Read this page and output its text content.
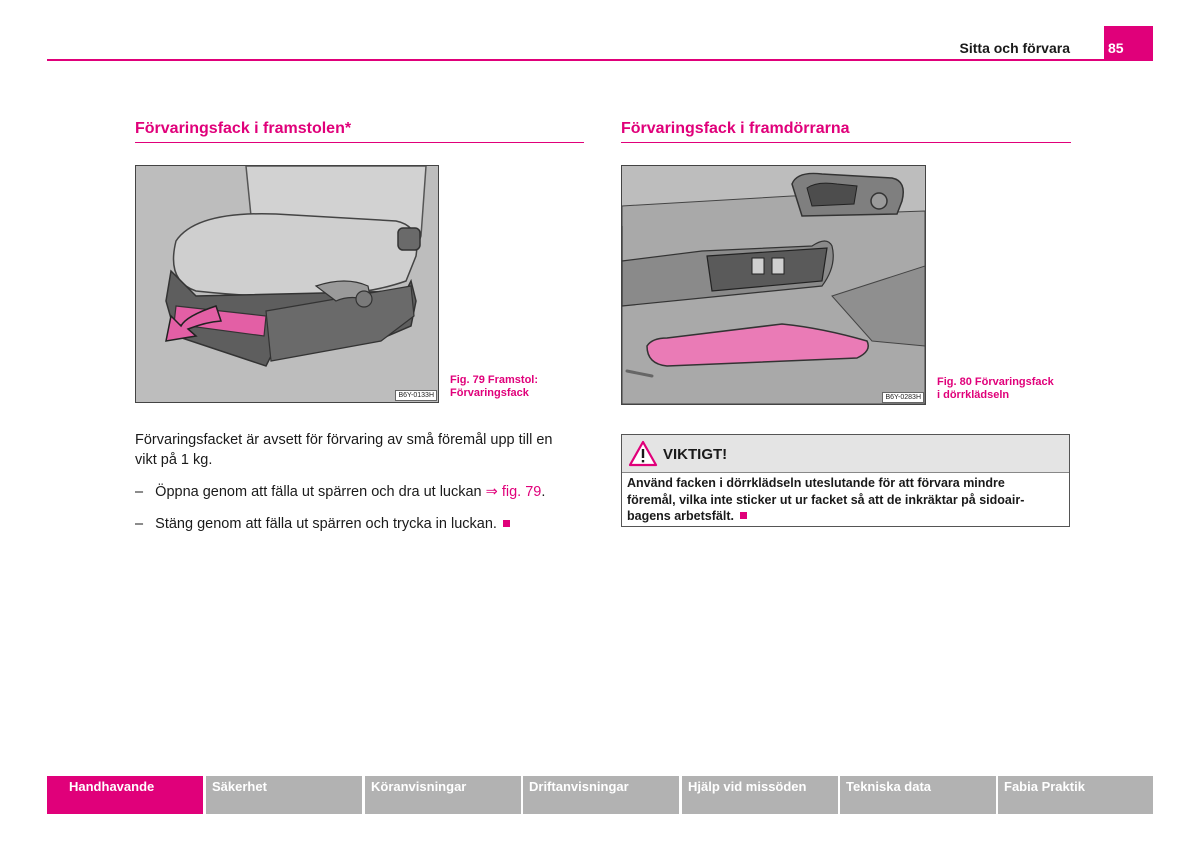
Sitta och förvara	85
Förvaringsfack i framstolen*
B6Y-0133H
Fig. 79 Framstol:
Förvaringsfack
Förvaringsfacket är avsett för förvaring av små föremål upp till en
vikt på 1 kg.
– Öppna genom att fälla ut spärren och dra ut luckan ⇒ fig. 79.
– Stäng genom att fälla ut spärren och trycka in luckan.
Förvaringsfack i framdörrarna
B6Y-0283H
Fig. 80 Förvaringsfack
i dörrklädseln
VIKTIGT!
Använd facken i dörrklädseln uteslutande för att förvara mindre
föremål, vilka inte sticker ut ur facket så att de inkräktar på sidoair-
bagens arbetsfält.
Handhavande	Säkerhet	Köranvisningar	Driftanvisningar	Hjälp vid missöden	Tekniska data	Fabia Praktik
